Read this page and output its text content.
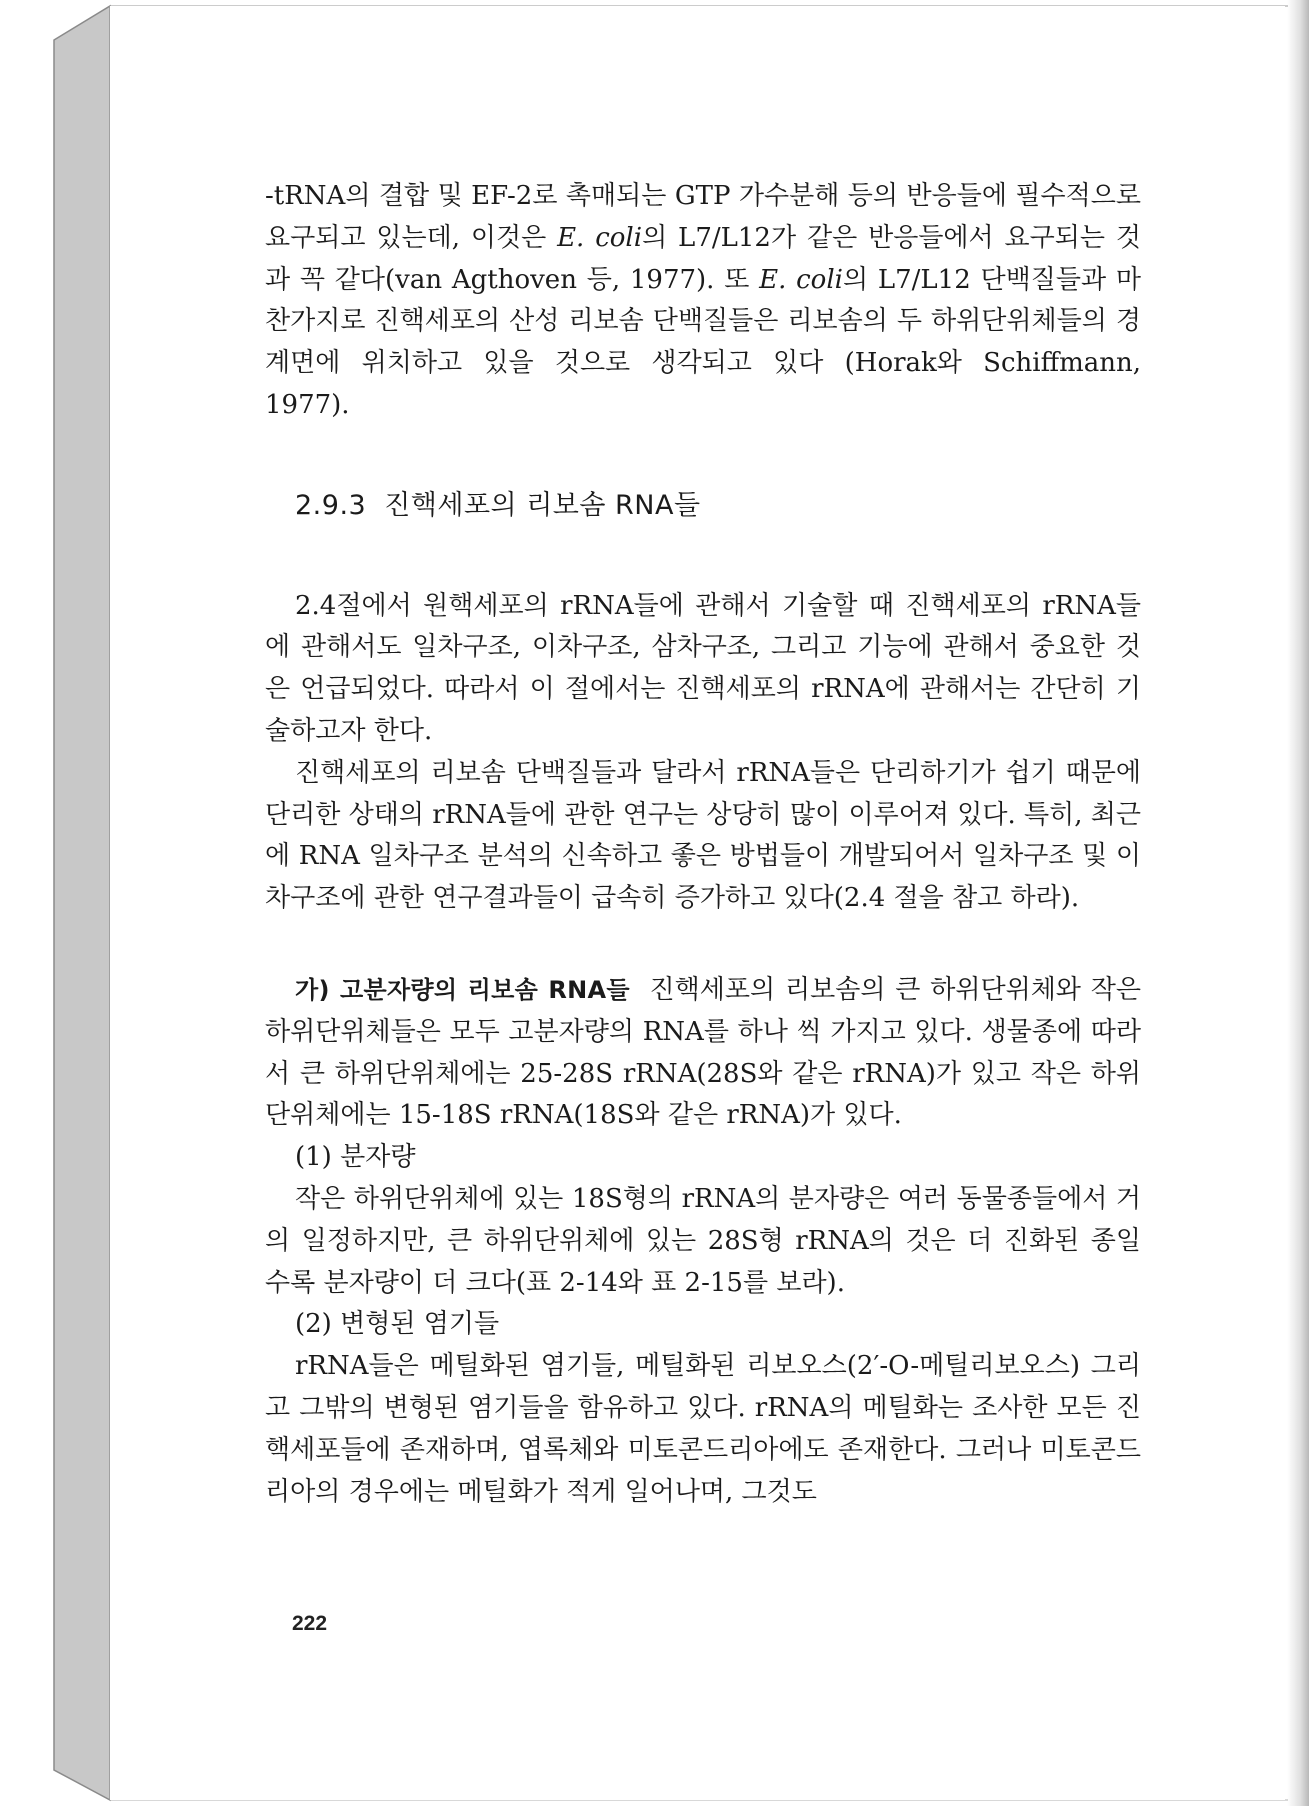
-tRNA의 결합 및 EF-2로 촉매되는 GTP 가수분해 등의 반응들에 필수적으로 요구되고 있는데, 이것은 E. coli의 L7/L12가 같은 반응들에서 요구되는 것과 꼭 같다(van Agthoven 등, 1977). 또 E. coli의 L7/L12 단백질들과 마찬가지로 진핵세포의 산성 리보솜 단백질들은 리보솜의 두 하위단위체들의 경계면에 위치하고 있을 것으로 생각되고 있다 (Horak와 Schiffmann, 1977).

2.9.3 진핵세포의 리보솜 RNA들

2.4절에서 원핵세포의 rRNA들에 관해서 기술할 때 진핵세포의 rRNA들에 관해서도 일차구조, 이차구조, 삼차구조, 그리고 기능에 관해서 중요한 것은 언급되었다. 따라서 이 절에서는 진핵세포의 rRNA에 관해서는 간단히 기술하고자 한다.

진핵세포의 리보솜 단백질들과 달라서 rRNA들은 단리하기가 쉽기 때문에 단리한 상태의 rRNA들에 관한 연구는 상당히 많이 이루어져 있다. 특히, 최근에 RNA 일차구조 분석의 신속하고 좋은 방법들이 개발되어서 일차구조 및 이차구조에 관한 연구결과들이 급속히 증가하고 있다(2.4 절을 참고 하라).

가) 고분자량의 리보솜 RNA들 진핵세포의 리보솜의 큰 하위단위체와 작은 하위단위체들은 모두 고분자량의 RNA를 하나 씩 가지고 있다. 생물종에 따라서 큰 하위단위체에는 25-28S rRNA(28S와 같은 rRNA)가 있고 작은 하위단위체에는 15-18S rRNA(18S와 같은 rRNA)가 있다.

(1) 분자량

작은 하위단위체에 있는 18S형의 rRNA의 분자량은 여러 동물종들에서 거의 일정하지만, 큰 하위단위체에 있는 28S형 rRNA의 것은 더 진화된 종일 수록 분자량이 더 크다(표 2-14와 표 2-15를 보라).

(2) 변형된 염기들

rRNA들은 메틸화된 염기들, 메틸화된 리보오스(2′-O-메틸리보오스) 그리고 그밖의 변형된 염기들을 함유하고 있다. rRNA의 메틸화는 조사한 모든 진핵세포들에 존재하며, 엽록체와 미토콘드리아에도 존재한다. 그러나 미토콘드리아의 경우에는 메틸화가 적게 일어나며, 그것도

222
